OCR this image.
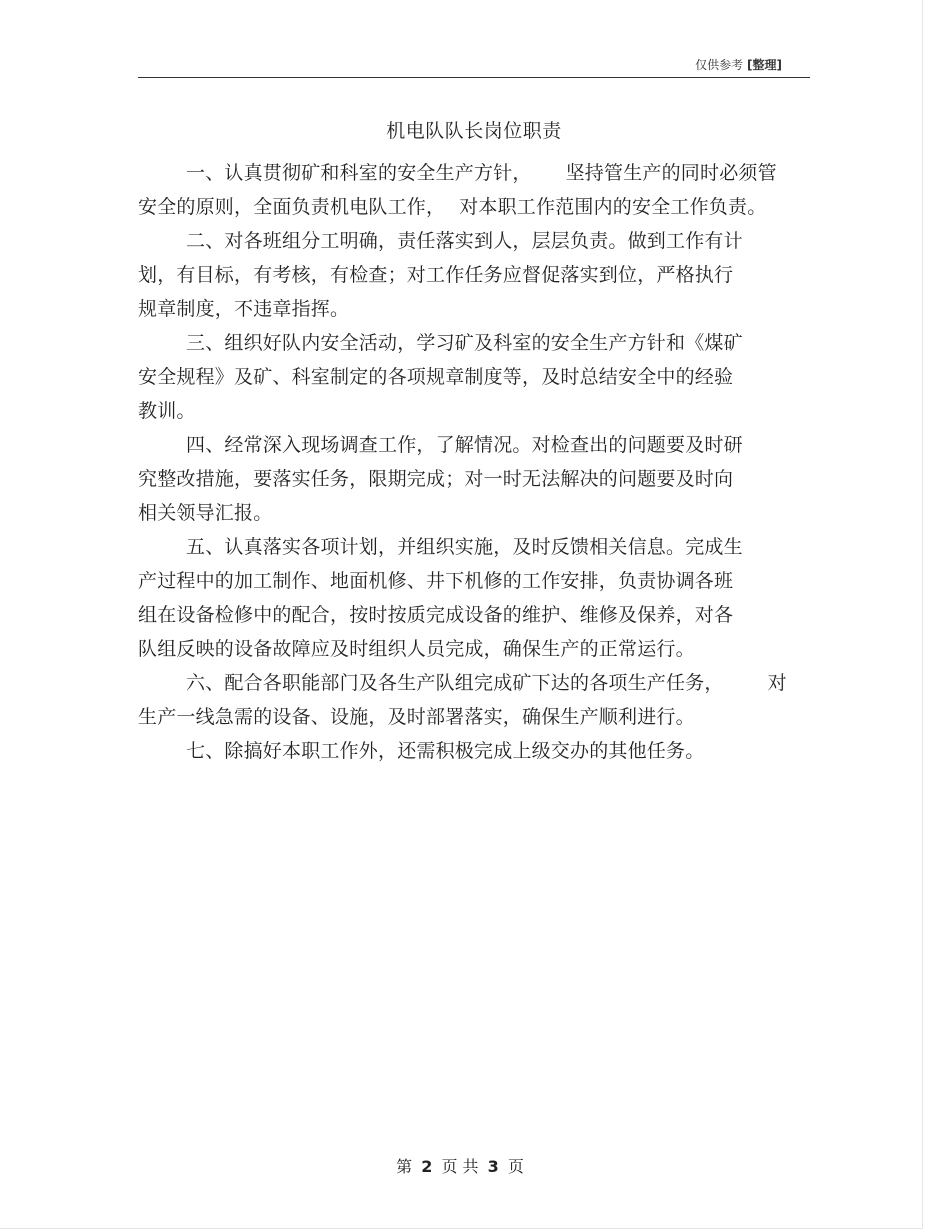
仅供参考 [整理]
机电队队长岗位职责
一、认真贯彻矿和科室的安全生产方针， 坚持管生产的同时必须管
安全的原则，全面负责机电队工作， 对本职工作范围内的安全工作负责。
二、对各班组分工明确，责任落实到人，层层负责。做到工作有计
划，有目标，有考核，有检查；对工作任务应督促落实到位，严格执行
规章制度，不违章指挥。
三、组织好队内安全活动，学习矿及科室的安全生产方针和《煤矿
安全规程》及矿、科室制定的各项规章制度等，及时总结安全中的经验
教训。
四、经常深入现场调查工作，了解情况。对检查出的问题要及时研
究整改措施，要落实任务，限期完成；对一时无法解决的问题要及时向
相关领导汇报。
五、认真落实各项计划，并组织实施，及时反馈相关信息。完成生
产过程中的加工制作、地面机修、井下机修的工作安排，负责协调各班
组在设备检修中的配合，按时按质完成设备的维护、维修及保养，对各
队组反映的设备故障应及时组织人员完成，确保生产的正常运行。
六、配合各职能部门及各生产队组完成矿下达的各项生产任务， 对
生产一线急需的设备、设施，及时部署落实，确保生产顺利进行。
七、除搞好本职工作外，还需积极完成上级交办的其他任务。
第 2 页 共 3 页
